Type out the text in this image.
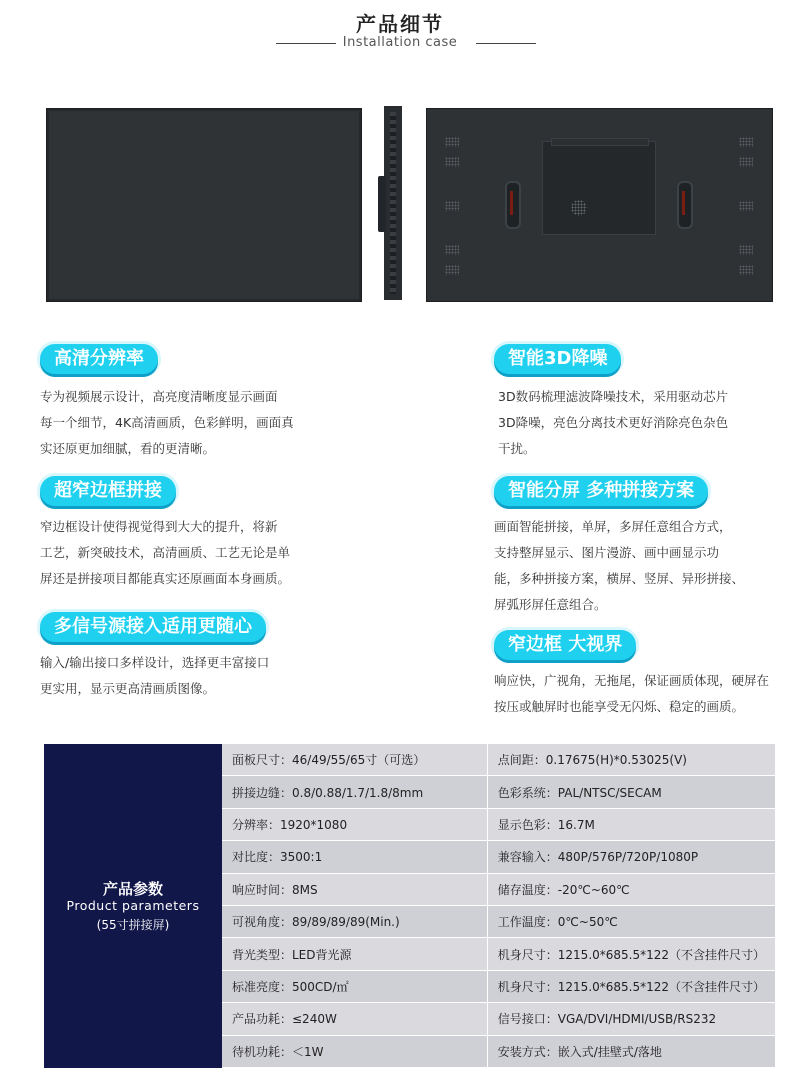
产品细节
Installation case
高清分辨率
专为视频展示设计，高亮度清晰度显示画面
每一个细节，4K高清画质，色彩鲜明，画面真
实还原更加细腻，看的更清晰。
超窄边框拼接
窄边框设计使得视觉得到大大的提升，将新
工艺，新突破技术，高清画质、工艺无论是单
屏还是拼接项目都能真实还原画面本身画质。
多信号源接入适用更随心
输入/输出接口多样设计，选择更丰富接口
更实用，显示更高清画质图像。
智能3D降噪
3D数码梳理滤波降噪技术，采用驱动芯片
3D降噪，亮色分离技术更好消除亮色杂色
干扰。
智能分屏 多种拼接方案
画面智能拼接，单屏，多屏任意组合方式，
支持整屏显示、图片漫游、画中画显示功
能，多种拼接方案，横屏、竖屏、异形拼接、
屏弧形屏任意组合。
窄边框 大视界
响应快，广视角，无拖尾，保证画质体现，硬屏在
按压或触屏时也能享受无闪烁、稳定的画质。
产品参数
Product parameters
(55寸拼接屏)
面板尺寸：46/49/55/65寸（可选）	点间距：0.17675(H)*0.53025(V)
拼接边缝：0.8/0.88/1.7/1.8/8mm	色彩系统：PAL/NTSC/SECAM
分辨率：1920*1080	显示色彩：16.7M
对比度：3500:1	兼容输入：480P/576P/720P/1080P
响应时间：8MS	储存温度：-20℃~60℃
可视角度：89/89/89/89(Min.)	工作温度：0℃~50℃
背光类型：LED背光源	机身尺寸：1215.0*685.5*122（不含挂件尺寸）
标准亮度：500CD/㎡	机身尺寸：1215.0*685.5*122（不含挂件尺寸）
产品功耗：≤240W	信号接口：VGA/DVI/HDMI/USB/RS232
待机功耗：＜1W	安装方式：嵌入式/挂壁式/落地
